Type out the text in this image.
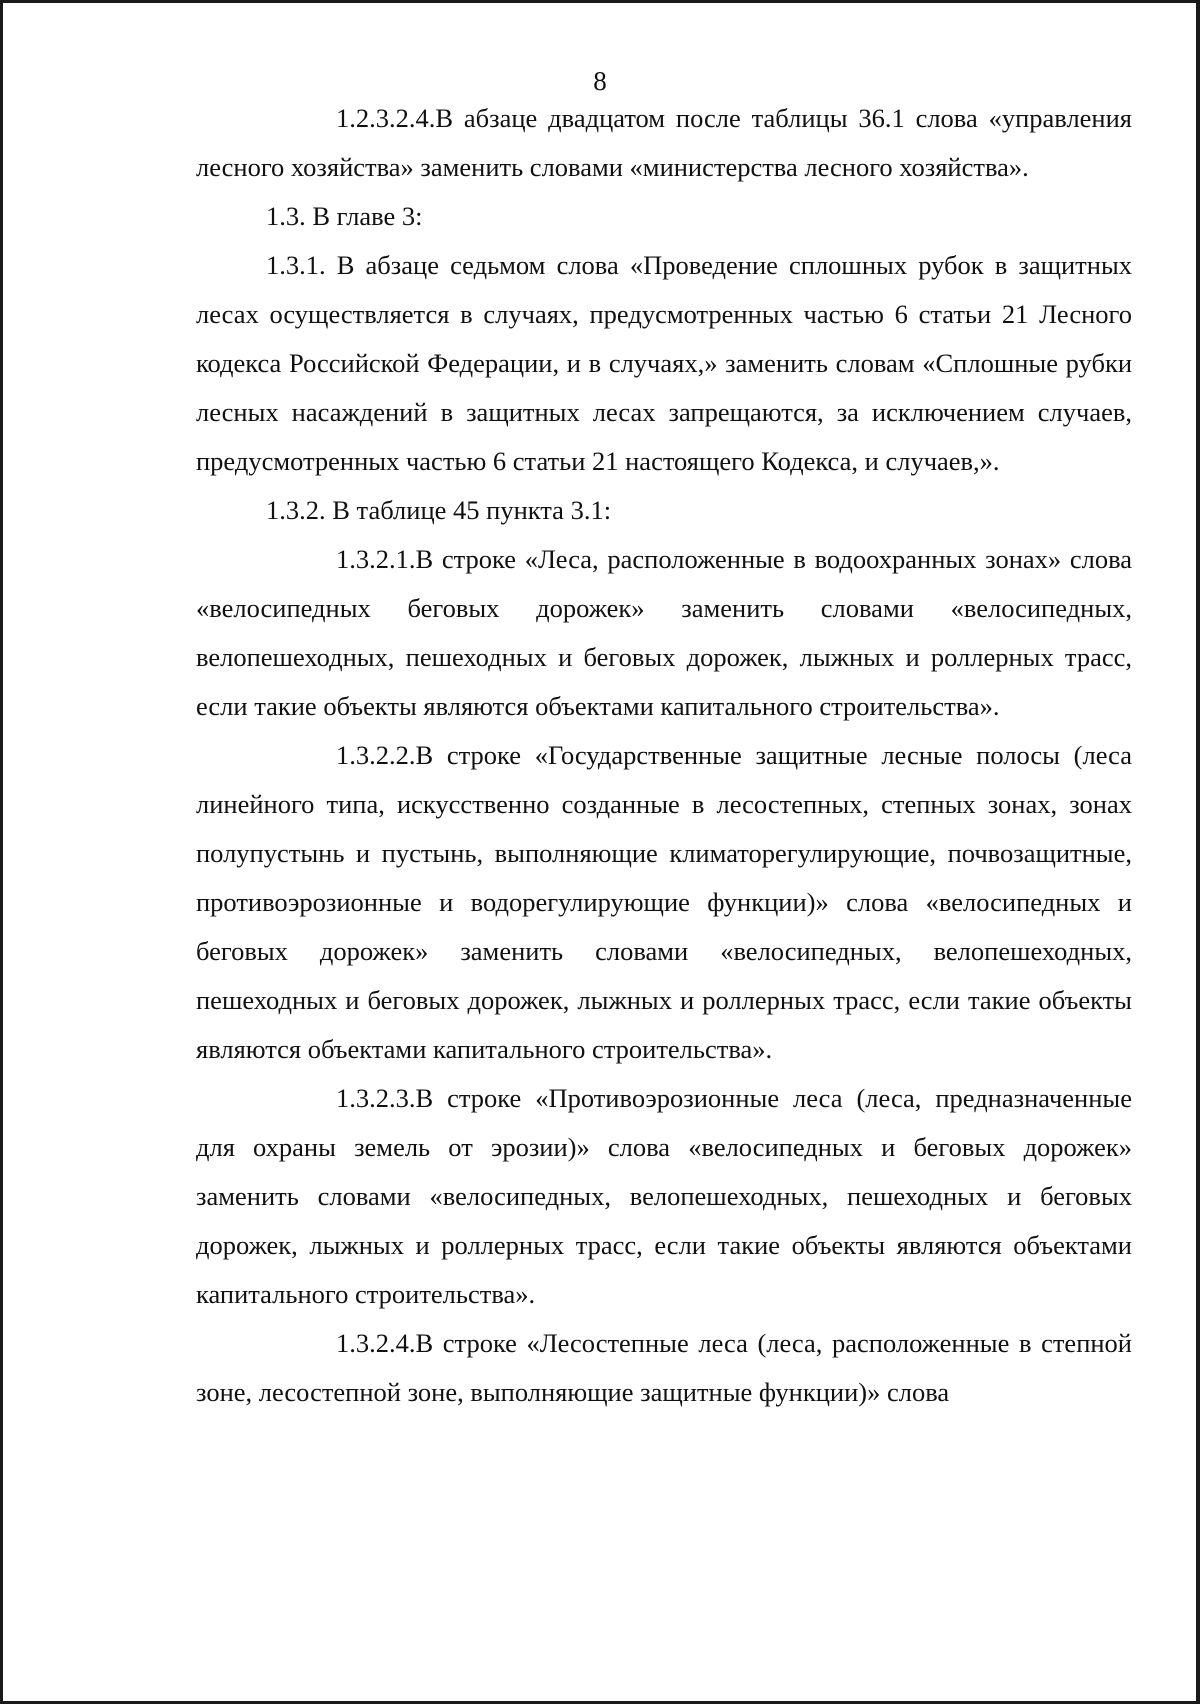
8

1.2.3.2.4.В абзаце двадцатом после таблицы 36.1 слова «управления лесного хозяйства» заменить словами «министерства лесного хозяйства».

1.3. В главе 3:

1.3.1. В абзаце седьмом слова «Проведение сплошных рубок в защитных лесах осуществляется в случаях, предусмотренных частью 6 статьи 21 Лесного кодекса Российской Федерации, и в случаях,» заменить словам «Сплошные рубки лесных насаждений в защитных лесах запрещаются, за исключением случаев, предусмотренных частью 6 статьи 21 настоящего Кодекса, и случаев,».

1.3.2. В таблице 45 пункта 3.1:

1.3.2.1.В строке «Леса, расположенные в водоохранных зонах» слова «велосипедных беговых дорожек» заменить словами «велосипедных, велопешеходных, пешеходных и беговых дорожек, лыжных и роллерных трасс, если такие объекты являются объектами капитального строительства».

1.3.2.2.В строке «Государственные защитные лесные полосы (леса линейного типа, искусственно созданные в лесостепных, степных зонах, зонах полупустынь и пустынь, выполняющие климаторегулирующие, почвозащитные, противоэрозионные и водорегулирующие функции)» слова «велосипедных и беговых дорожек» заменить словами «велосипедных, велопешеходных, пешеходных и беговых дорожек, лыжных и роллерных трасс, если такие объекты являются объектами капитального строительства».

1.3.2.3.В строке «Противоэрозионные леса (леса, предназначенные для охраны земель от эрозии)» слова «велосипедных и беговых дорожек» заменить словами «велосипедных, велопешеходных, пешеходных и беговых дорожек, лыжных и роллерных трасс, если такие объекты являются объектами капитального строительства».

1.3.2.4.В строке «Лесостепные леса (леса, расположенные в степной зоне, лесостепной зоне, выполняющие защитные функции)» слова
